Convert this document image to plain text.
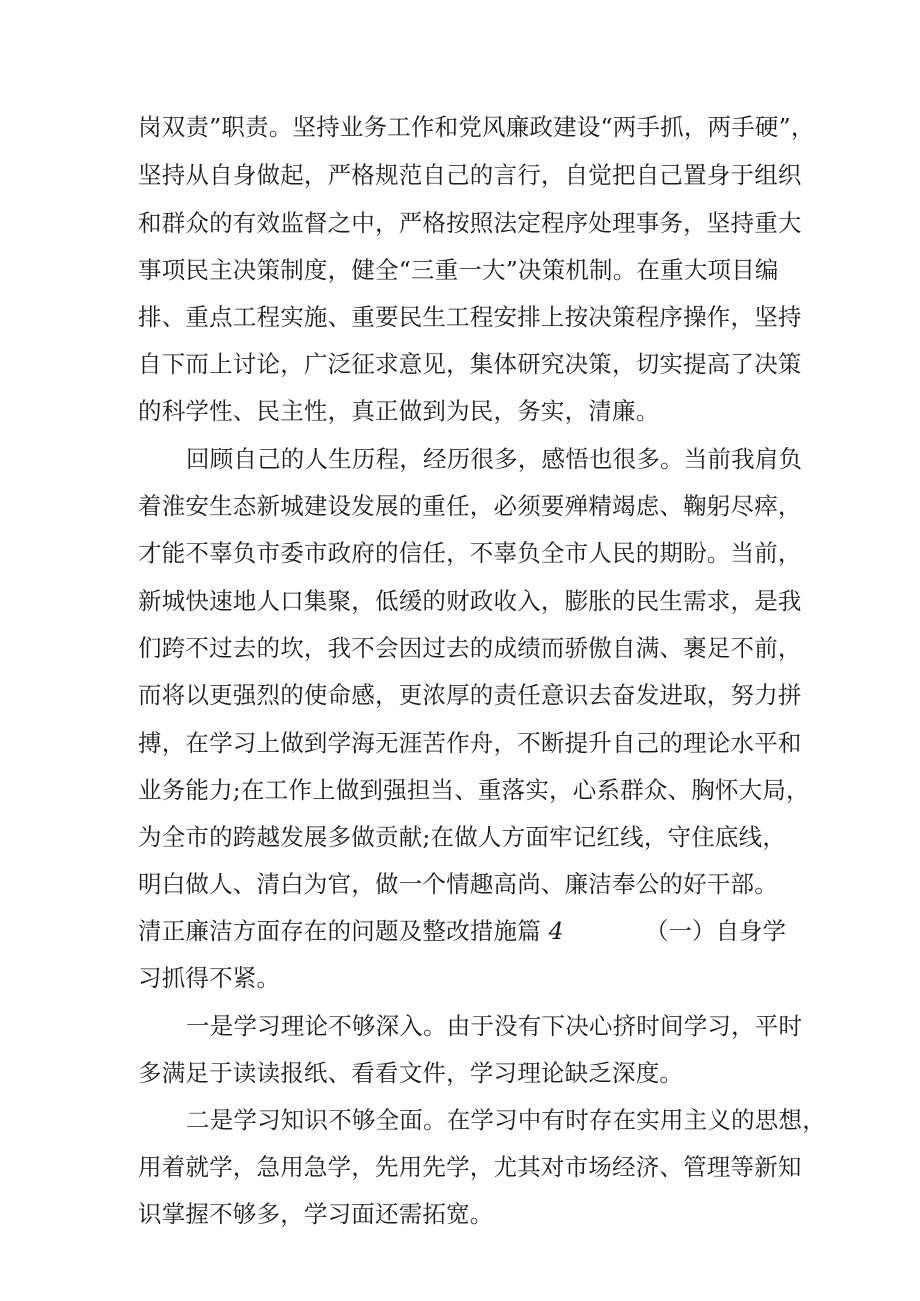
岗双责”职责。坚持业务工作和党风廉政建设“两手抓，两手硬”，
坚持从自身做起，严格规范自己的言行，自觉把自己置身于组织
和群众的有效监督之中，严格按照法定程序处理事务，坚持重大
事项民主决策制度，健全“三重一大”决策机制。在重大项目编
排、重点工程实施、重要民生工程安排上按决策程序操作，坚持
自下而上讨论，广泛征求意见，集体研究决策，切实提高了决策
的科学性、民主性，真正做到为民，务实，清廉。
回顾自己的人生历程，经历很多，感悟也很多。当前我肩负
着淮安生态新城建设发展的重任，必须要殚精竭虑、鞠躬尽瘁，
才能不辜负市委市政府的信任，不辜负全市人民的期盼。当前，
新城快速地人口集聚，低缓的财政收入，膨胀的民生需求，是我
们跨不过去的坎，我不会因过去的成绩而骄傲自满、裹足不前，
而将以更强烈的使命感，更浓厚的责任意识去奋发进取，努力拼
搏，在学习上做到学海无涯苦作舟，不断提升自己的理论水平和
业务能力;在工作上做到强担当、重落实，心系群众、胸怀大局，
为全市的跨越发展多做贡献;在做人方面牢记红线，守住底线，
明白做人、清白为官，做一个情趣高尚、廉洁奉公的好干部。
清正廉洁方面存在的问题及整改措施篇 4	（一）自身学
习抓得不紧。
一是学习理论不够深入。由于没有下决心挤时间学习，平时
多满足于读读报纸、看看文件，学习理论缺乏深度。
二是学习知识不够全面。在学习中有时存在实用主义的思想，
用着就学，急用急学，先用先学，尤其对市场经济、管理等新知
识掌握不够多，学习面还需拓宽。
